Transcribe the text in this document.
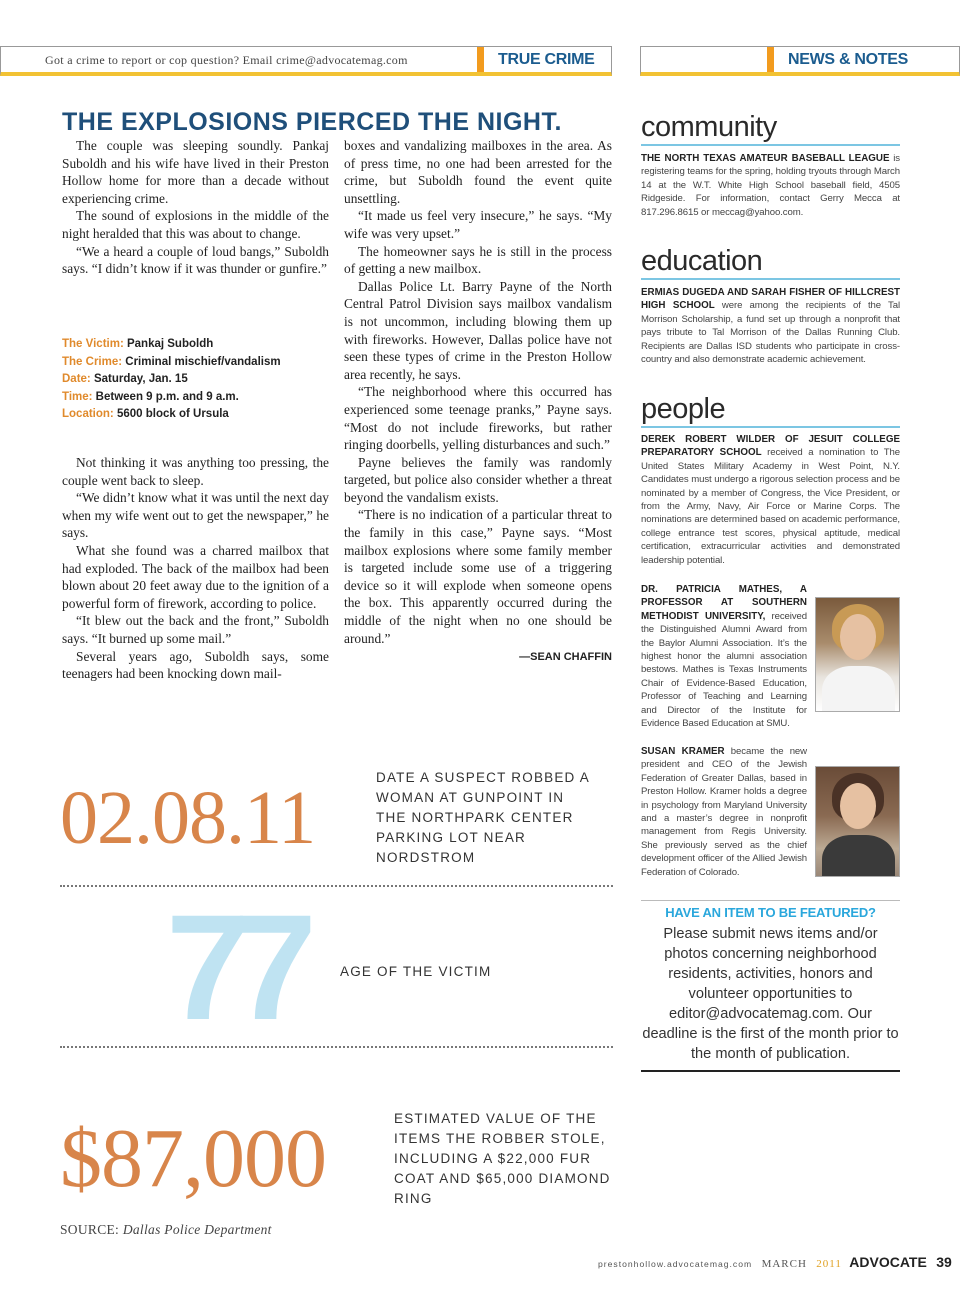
Got a crime to report or cop question? Email crime@advocatemag.com	TRUE CRIME	NEWS & NOTES
THE EXPLOSIONS PIERCED THE NIGHT.

The couple was sleeping soundly. Pankaj Suboldh and his wife have lived in their Preston Hollow home for more than a decade without experiencing crime.

The sound of explosions in the middle of the night heralded that this was about to change.

“We a heard a couple of loud bangs,” Suboldh says. “I didn’t know if it was thunder or gunfire.”

The Victim: Pankaj Suboldh
The Crime: Criminal mischief/vandalism
Date: Saturday, Jan. 15
Time: Between 9 p.m. and 9 a.m.
Location: 5600 block of Ursula

Not thinking it was anything too pressing, the couple went back to sleep.

“We didn’t know what it was until the next day when my wife went out to get the newspaper,” he says.

What she found was a charred mailbox that had exploded. The back of the mailbox had been blown about 20 feet away due to the ignition of a powerful form of firework, according to police.

“It blew out the back and the front,” Suboldh says. “It burned up some mail.”

Several years ago, Suboldh says, some teenagers had been knocking down mail-

boxes and vandalizing mailboxes in the area. As of press time, no one had been arrested for the crime, but Suboldh found the event quite unsettling.

“It made us feel very insecure,” he says. “My wife was very upset.”

The homeowner says he is still in the process of getting a new mailbox.

Dallas Police Lt. Barry Payne of the North Central Patrol Division says mailbox vandalism is not uncommon, including blowing them up with fireworks. However, Dallas police have not seen these types of crime in the Preston Hollow area recently, he says.

“The neighborhood where this occurred has experienced some teenage pranks,” Payne says. “Most do not include fireworks, but rather ringing doorbells, yelling disturbances and such.”

Payne believes the family was randomly targeted, but police also consider whether a threat beyond the vandalism exists.

“There is no indication of a particular threat to the family in this case,” Payne says. “Most mailbox explosions where some family member is targeted include some use of a triggering device so it will explode when someone opens the box. This apparently occurred during the middle of the night when no one should be around.”

—SEAN CHAFFIN

02.08.11	DATE A SUSPECT ROBBED A WOMAN AT GUNPOINT IN THE NORTHPARK CENTER PARKING LOT NEAR NORDSTROM
77	AGE OF THE VICTIM
$87,000	ESTIMATED VALUE OF THE ITEMS THE ROBBER STOLE, INCLUDING A $22,000 FUR COAT AND $65,000 DIAMOND RING
SOURCE: Dallas Police Department
community
THE NORTH TEXAS AMATEUR BASEBALL LEAGUE is registering teams for the spring, holding tryouts through March 14 at the W.T. White High School baseball field, 4505 Ridgeside. For information, contact Gerry Mecca at 817.296.8615 or meccag@yahoo.com.
education
ERMIAS DUGEDA AND SARAH FISHER OF HILLCREST HIGH SCHOOL were among the recipients of the Tal Morrison Scholarship, a fund set up through a nonprofit that pays tribute to Tal Morrison of the Dallas Running Club. Recipients are Dallas ISD students who participate in cross-country and also demonstrate academic achievement.
people
DEREK ROBERT WILDER OF JESUIT COLLEGE PREPARATORY SCHOOL received a nomination to The United States Military Academy in West Point, N.Y. Candidates must undergo a rigorous selection process and be nominated by a member of Congress, the Vice President, or from the Army, Navy, Air Force or Marine Corps. The nominations are determined based on academic performance, college entrance test scores, physical aptitude, medical certification, extracurricular activities and demonstrated leadership potential.
DR. PATRICIA MATHES, A PROFESSOR AT SOUTHERN METHODIST UNIVERSITY, received the Distinguished Alumni Award from the Baylor Alumni Association. It’s the highest honor the alumni association bestows. Mathes is Texas Instruments Chair of Evidence-Based Education, Professor of Teaching and Learning and Director of the Institute for Evidence Based Education at SMU.
SUSAN KRAMER became the new president and CEO of the Jewish Federation of Greater Dallas, based in Preston Hollow. Kramer holds a degree in psychology from Maryland University and a master’s degree in nonprofit management from Regis University. She previously served as the chief development officer of the Allied Jewish Federation of Colorado.
HAVE AN ITEM TO BE FEATURED?
Please submit news items and/or photos concerning neighborhood residents, activities, honors and volunteer opportunities to editor@advocatemag.com. Our deadline is the first of the month prior to the month of publication.
prestonhollow.advocatemag.com MARCH 2011 ADVOCATE 39
